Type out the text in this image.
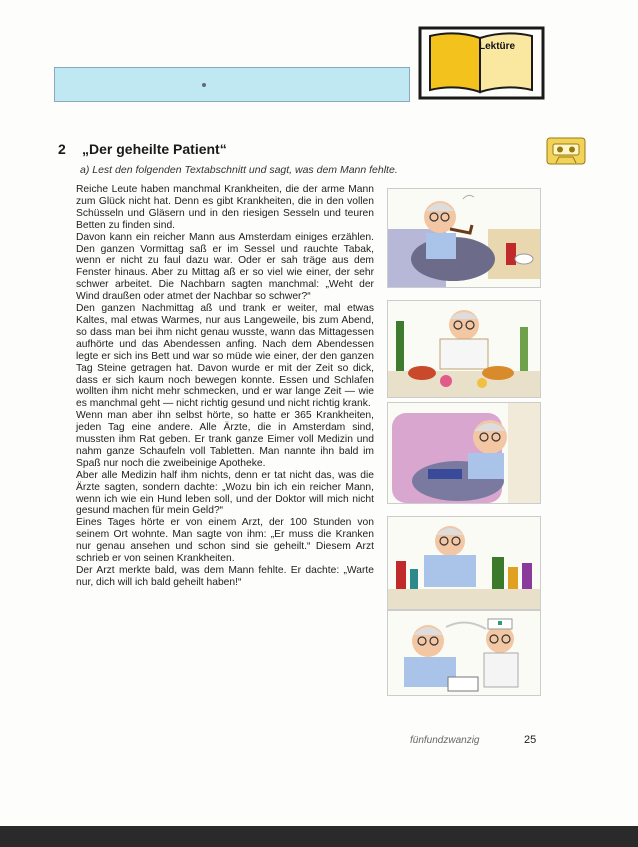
Lektüre
2 „Der geheilte Patient“
a) Lest den folgenden Textabschnitt und sagt, was dem Mann fehlte.

Reiche Leute haben manchmal Krankheiten, die der arme Mann zum Glück nicht hat. Denn es gibt Krankheiten, die in den vollen Schüsseln und Gläsern und in den riesigen Sesseln und teuren Betten zu finden sind.

Davon kann ein reicher Mann aus Amsterdam einiges erzählen. Den ganzen Vormittag saß er im Sessel und rauchte Tabak, wenn er nicht zu faul dazu war. Oder er sah träge aus dem Fenster hinaus. Aber zu Mittag aß er so viel wie einer, der sehr schwer arbeitet. Die Nachbarn sagten manchmal: „Weht der Wind draußen oder atmet der Nachbar so schwer?“

Den ganzen Nachmittag aß und trank er weiter, mal etwas Kaltes, mal etwas Warmes, nur aus Langeweile, bis zum Abend, so dass man bei ihm nicht genau wusste, wann das Mittagessen aufhörte und das Abendessen anfing. Nach dem Abendessen legte er sich ins Bett und war so müde wie einer, der den ganzen Tag Steine getragen hat. Davon wurde er mit der Zeit so dick, dass er sich kaum noch bewegen konnte. Essen und Schlafen wollten ihm nicht mehr schmecken, und er war lange Zeit — wie es manchmal geht — nicht richtig gesund und nicht richtig krank.

Wenn man aber ihn selbst hörte, so hatte er 365 Krankheiten, jeden Tag eine andere. Alle Ärzte, die in Amsterdam sind, mussten ihm Rat geben. Er trank ganze Eimer voll Medizin und nahm ganze Schaufeln voll Tabletten. Man nannte ihn bald im Spaß nur noch die zweibeinige Apotheke.

Aber alle Medizin half ihm nichts, denn er tat nicht das, was die Ärzte sagten, sondern dachte: „Wozu bin ich ein reicher Mann, wenn ich wie ein Hund leben soll, und der Doktor will mich nicht gesund machen für mein Geld?“

Eines Tages hörte er von einem Arzt, der 100 Stunden von seinem Ort wohnte. Man sagte von ihm: „Er muss die Kranken nur genau ansehen und schon sind sie geheilt.“ Diesem Arzt schrieb er von seinen Krankheiten.

Der Arzt merkte bald, was dem Mann fehlte. Er dachte: „Warte nur, dich will ich bald geheilt haben!“

fünfundzwanzig	25
